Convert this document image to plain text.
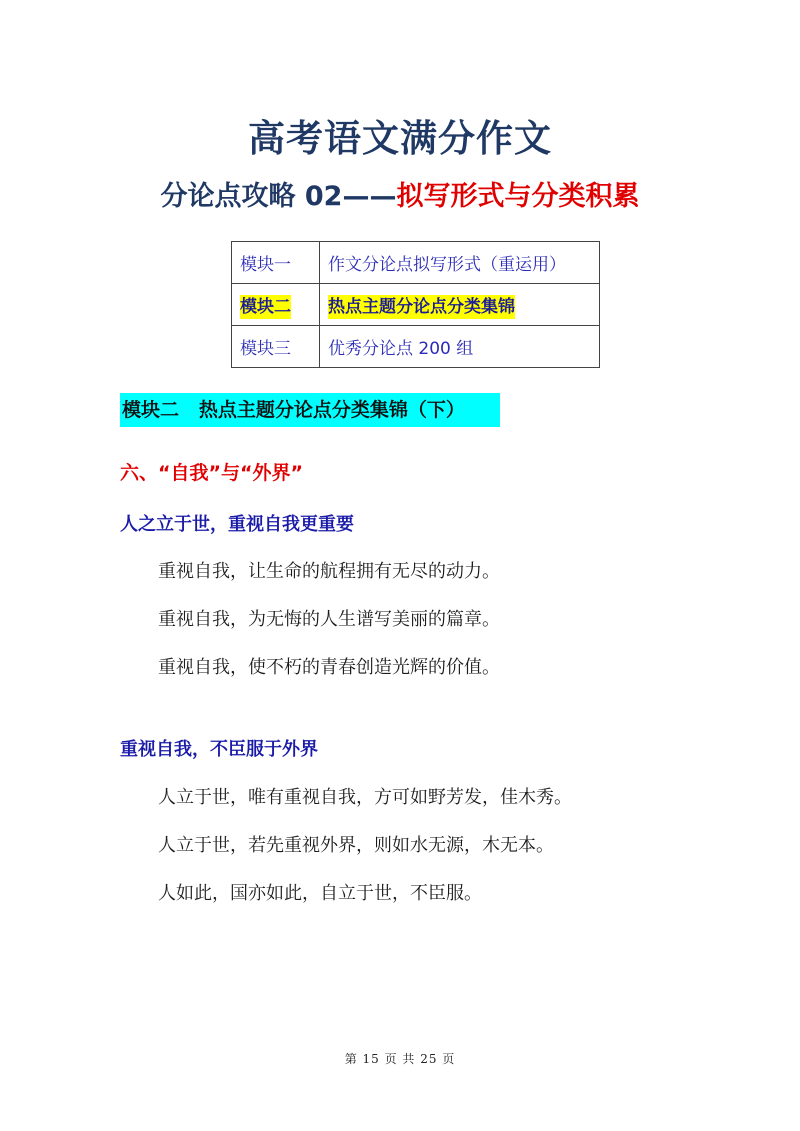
高考语文满分作文
分论点攻略 02——拟写形式与分类积累
模块一	作文分论点拟写形式（重运用）
模块二	热点主题分论点分类集锦
模块三	优秀分论点 200 组
模块二   热点主题分论点分类集锦（下）
六、“自我”与“外界”
人之立于世，重视自我更重要
重视自我，让生命的航程拥有无尽的动力。
重视自我，为无悔的人生谱写美丽的篇章。
重视自我，使不朽的青春创造光辉的价值。
重视自我，不臣服于外界
人立于世，唯有重视自我，方可如野芳发，佳木秀。
人立于世，若先重视外界，则如水无源，木无本。
人如此，国亦如此，自立于世，不臣服。
第 15 页 共 25 页
